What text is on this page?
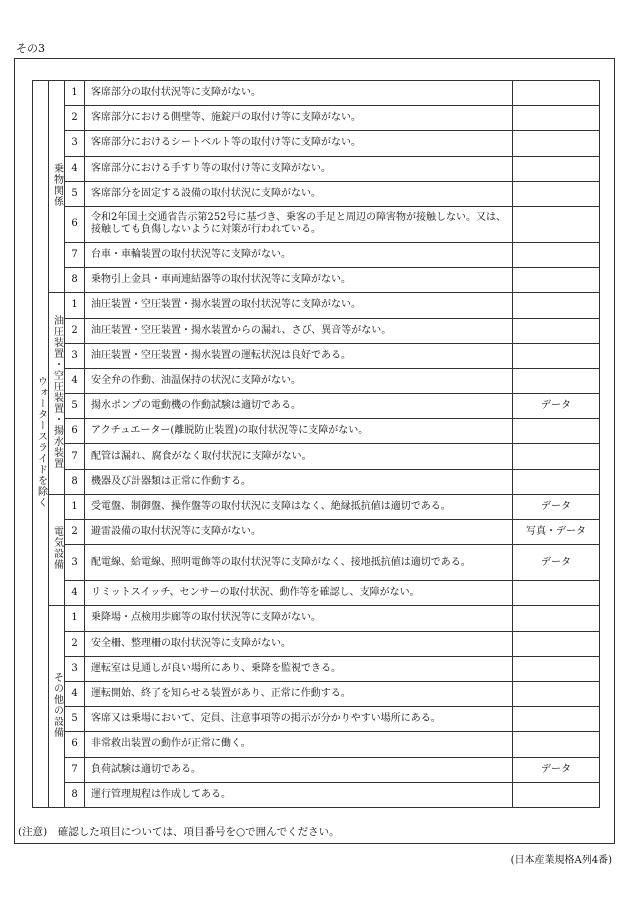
その3
ウォータースライドを除く	乗物関係	1	客席部分の取付状況等に支障がない。	
		2	客席部分における側壁等、施錠戸の取付け等に支障がない。	
		3	客席部分におけるシートベルト等の取付け等に支障がない。	
		4	客席部分における手すり等の取付け等に支障がない。	
		5	客席部分を固定する設備の取付状況に支障がない。	
		6	令和2年国土交通省告示第252号に基づき、乗客の手足と周辺の障害物が接触しない。又は、接触しても負傷しないように対策が行われている。	
		7	台車・車輪装置の取付状況等に支障がない。	
		8	乗物引上金具・車両連結器等の取付状況等に支障がない。	
	油圧装置・空圧装置・揚水装置	1	油圧装置・空圧装置・揚水装置の取付状況等に支障がない。	
		2	油圧装置・空圧装置・揚水装置からの漏れ、さび、異音等がない。	
		3	油圧装置・空圧装置・揚水装置の運転状況は良好である。	
		4	安全弁の作動、油温保持の状況に支障がない。	
		5	揚水ポンプの電動機の作動試験は適切である。	データ
		6	アクチュエーター(離脱防止装置)の取付状況等に支障がない。	
		7	配管は漏れ、腐食がなく取付状況に支障がない。	
		8	機器及び計器類は正常に作動する。	
	電気設備	1	受電盤、制御盤、操作盤等の取付状況に支障はなく、絶縁抵抗値は適切である。	データ
		2	避雷設備の取付状況等に支障がない。	写真・データ
		3	配電線、給電線、照明電飾等の取付状況等に支障がなく、接地抵抗値は適切である。	データ
		4	リミットスイッチ、センサーの取付状況、動作等を確認し、支障がない。	
	その他の設備	1	乗降場・点検用歩廊等の取付状況等に支障がない。	
		2	安全柵、整理柵の取付状況等に支障がない。	
		3	運転室は見通しが良い場所にあり、乗降を監視できる。	
		4	運転開始、終了を知らせる装置があり、正常に作動する。	
		5	客席又は乗場において、定員、注意事項等の掲示が分かりやすい場所にある。	
		6	非常救出装置の動作が正常に働く。	
		7	負荷試験は適切である。	データ
		8	運行管理規程は作成してある。	
(注意)　確認した項目については、項目番号を○で囲んでください。
(日本産業規格A列4番)
